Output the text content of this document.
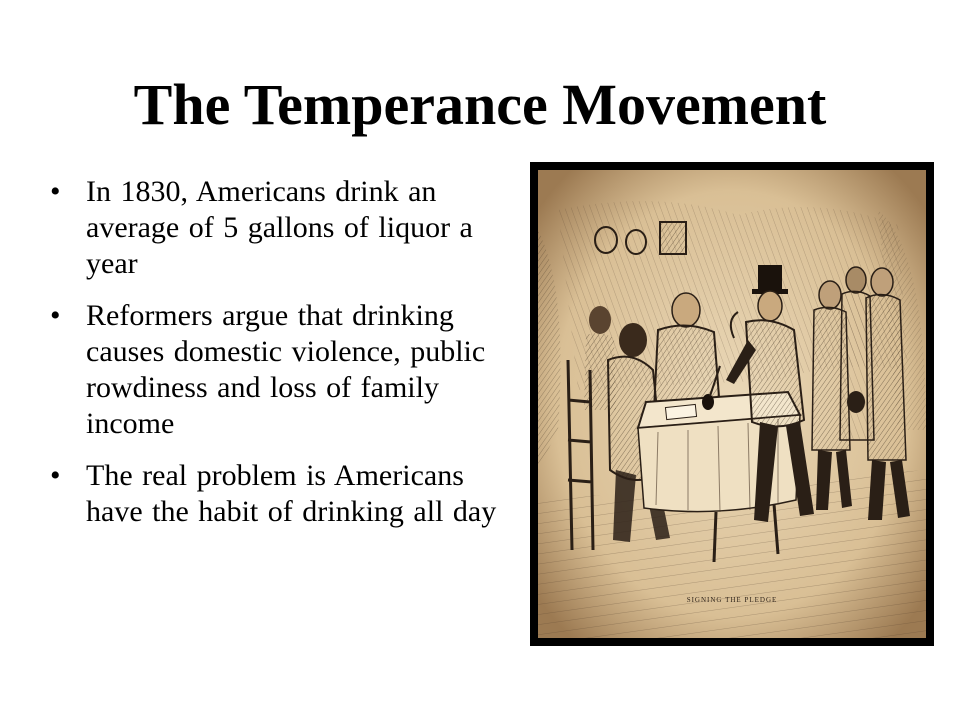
The Temperance Movement
• In 1830, Americans drink an average of 5 gallons of liquor a year
• Reformers argue that drinking causes domestic violence, public rowdiness and loss of family income
• The real problem is Americans have the habit of drinking all day
SIGNING THE PLEDGE
